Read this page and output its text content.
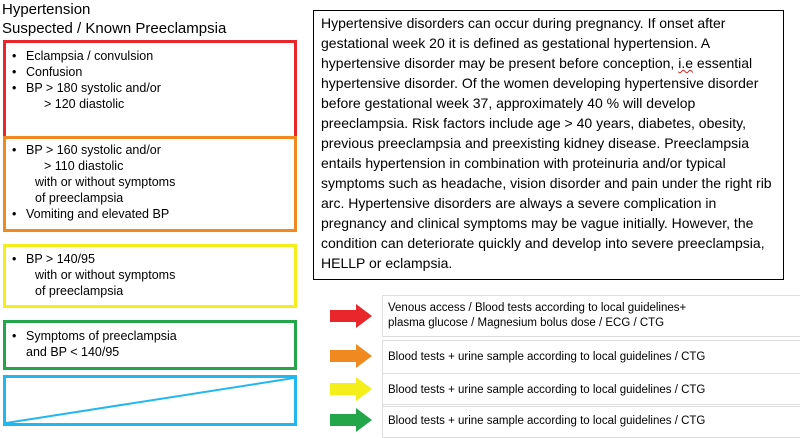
Hypertension
Suspected / Known Preeclampsia
• Eclampsia / convulsion
• Confusion
• BP > 180 systolic and/or
> 120 diastolic
• BP > 160 systolic and/or
> 110 diastolic
with or without symptoms
of preeclampsia
• Vomiting and elevated BP
• BP > 140/95
with or without symptoms
of preeclampsia
• Symptoms of preeclampsia
and BP < 140/95
Hypertensive disorders can occur during pregnancy. If onset after gestational week 20 it is defined as gestational hypertension. A hypertensive disorder may be present before conception, i.e essential hypertensive disorder. Of the women developing hypertensive disorder before gestational week 37, approximately 40 % will develop preeclampsia. Risk factors include age > 40 years, diabetes, obesity, previous preeclampsia and preexisting kidney disease. Preeclampsia entails hypertension in combination with proteinuria and/or typical symptoms such as headache, vision disorder and pain under the right rib arc. Hypertensive disorders are always a severe complication in pregnancy and clinical symptoms may be vague initially. However, the condition can deteriorate quickly and develop into severe preeclampsia, HELLP or eclampsia.
Venous access / Blood tests according to local guidelines+
plasma glucose / Magnesium bolus dose / ECG / CTG
Blood tests + urine sample according to local guidelines / CTG
Blood tests + urine sample according to local guidelines / CTG
Blood tests + urine sample according to local guidelines / CTG
